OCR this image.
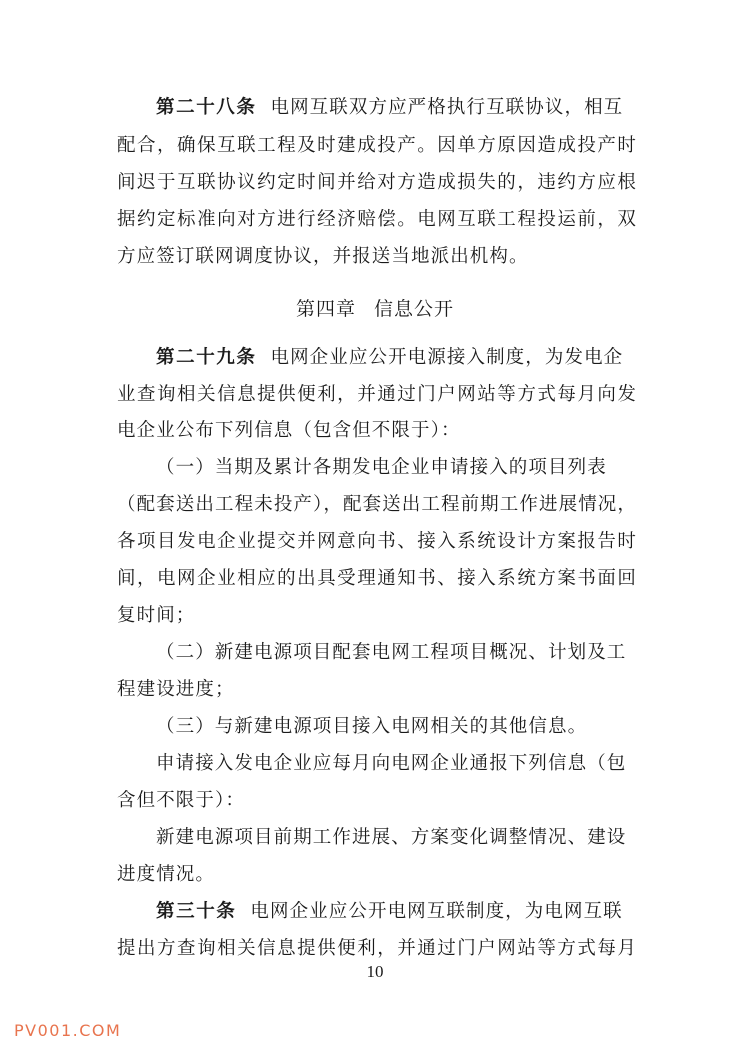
第二十八条 电网互联双方应严格执行互联协议，相互
配合，确保互联工程及时建成投产。因单方原因造成投产时
间迟于互联协议约定时间并给对方造成损失的，违约方应根
据约定标准向对方进行经济赔偿。电网互联工程投运前，双
方应签订联网调度协议，并报送当地派出机构。
第四章 信息公开
第二十九条 电网企业应公开电源接入制度，为发电企
业查询相关信息提供便利，并通过门户网站等方式每月向发
电企业公布下列信息（包含但不限于）：
（一）当期及累计各期发电企业申请接入的项目列表
（配套送出工程未投产），配套送出工程前期工作进展情况，
各项目发电企业提交并网意向书、接入系统设计方案报告时
间，电网企业相应的出具受理通知书、接入系统方案书面回
复时间；
（二）新建电源项目配套电网工程项目概况、计划及工
程建设进度；
（三）与新建电源项目接入电网相关的其他信息。
申请接入发电企业应每月向电网企业通报下列信息（包
含但不限于）：
新建电源项目前期工作进展、方案变化调整情况、建设
进度情况。
第三十条 电网企业应公开电网互联制度，为电网互联
提出方查询相关信息提供便利，并通过门户网站等方式每月
10
PV001.COM
